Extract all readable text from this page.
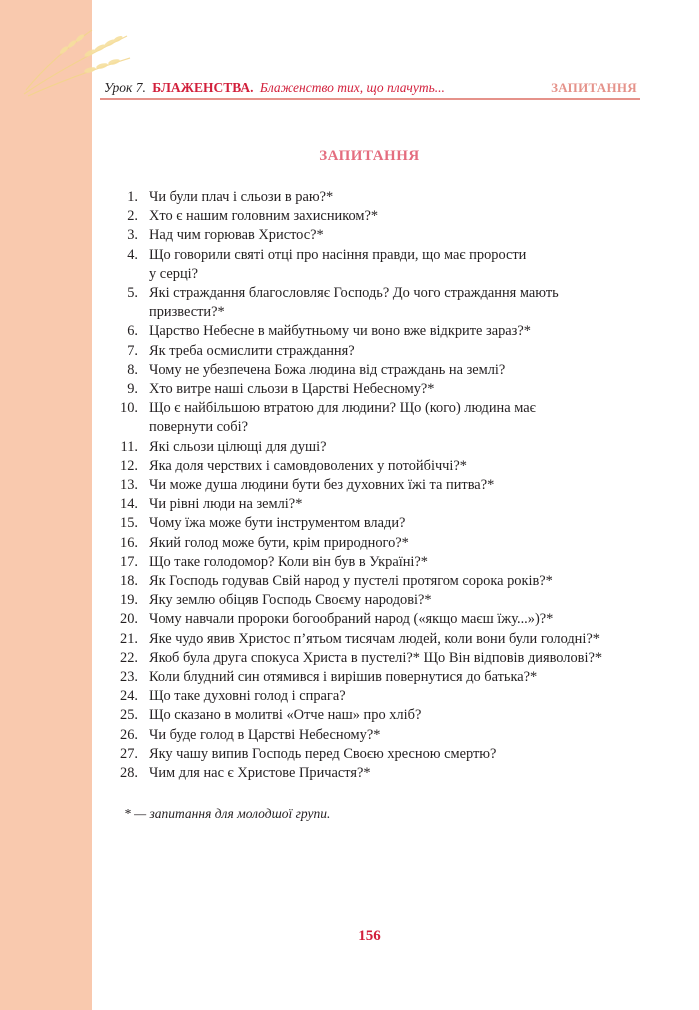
Урок 7. БЛАЖЕНСТВА. Блаженство тих, що плачуть...	ЗАПИТАННЯ
ЗАПИТАННЯ
1. Чи були плач і сльози в раю?*
2. Хто є нашим головним захисником?*
3. Над чим горював Христос?*
4. Що говорили святі отці про насіння правди, що має прорости
у серці?
5. Які страждання благословляє Господь? До чого страждання мають
призвести?*
6. Царство Небесне в майбутньому чи воно вже відкрите зараз?*
7. Як треба осмислити страждання?
8. Чому не убезпечена Божа людина від страждань на землі?
9. Хто витре наші сльози в Царстві Небесному?*
10. Що є найбільшою втратою для людини? Що (кого) людина має
повернути собі?
11. Які сльози цілющі для душі?
12. Яка доля черствих і самовдоволених у потойбіччі?*
13. Чи може душа людини бути без духовних їжі та питва?*
14. Чи рівні люди на землі?*
15. Чому їжа може бути інструментом влади?
16. Який голод може бути, крім природного?*
17. Що таке голодомор? Коли він був в Україні?*
18. Як Господь годував Свій народ у пустелі протягом сорока років?*
19. Яку землю обіцяв Господь Своєму народові?*
20. Чому навчали пророки богообраний народ («якщо маєш їжу...»)?*
21. Яке чудо явив Христос п’ятьом тисячам людей, коли вони були голодні?*
22. Якоб була друга спокуса Христа в пустелі?* Що Він відповів дияволові?*
23. Коли блудний син отямився і вирішив повернутися до батька?*
24. Що таке духовні голод і спрага?
25. Що сказано в молитві «Отче наш» про хліб?
26. Чи буде голод в Царстві Небесному?*
27. Яку чашу випив Господь перед Своєю хресною смертю?
28. Чим для нас є Христове Причастя?*
* — запитання для молодшої групи.
156
